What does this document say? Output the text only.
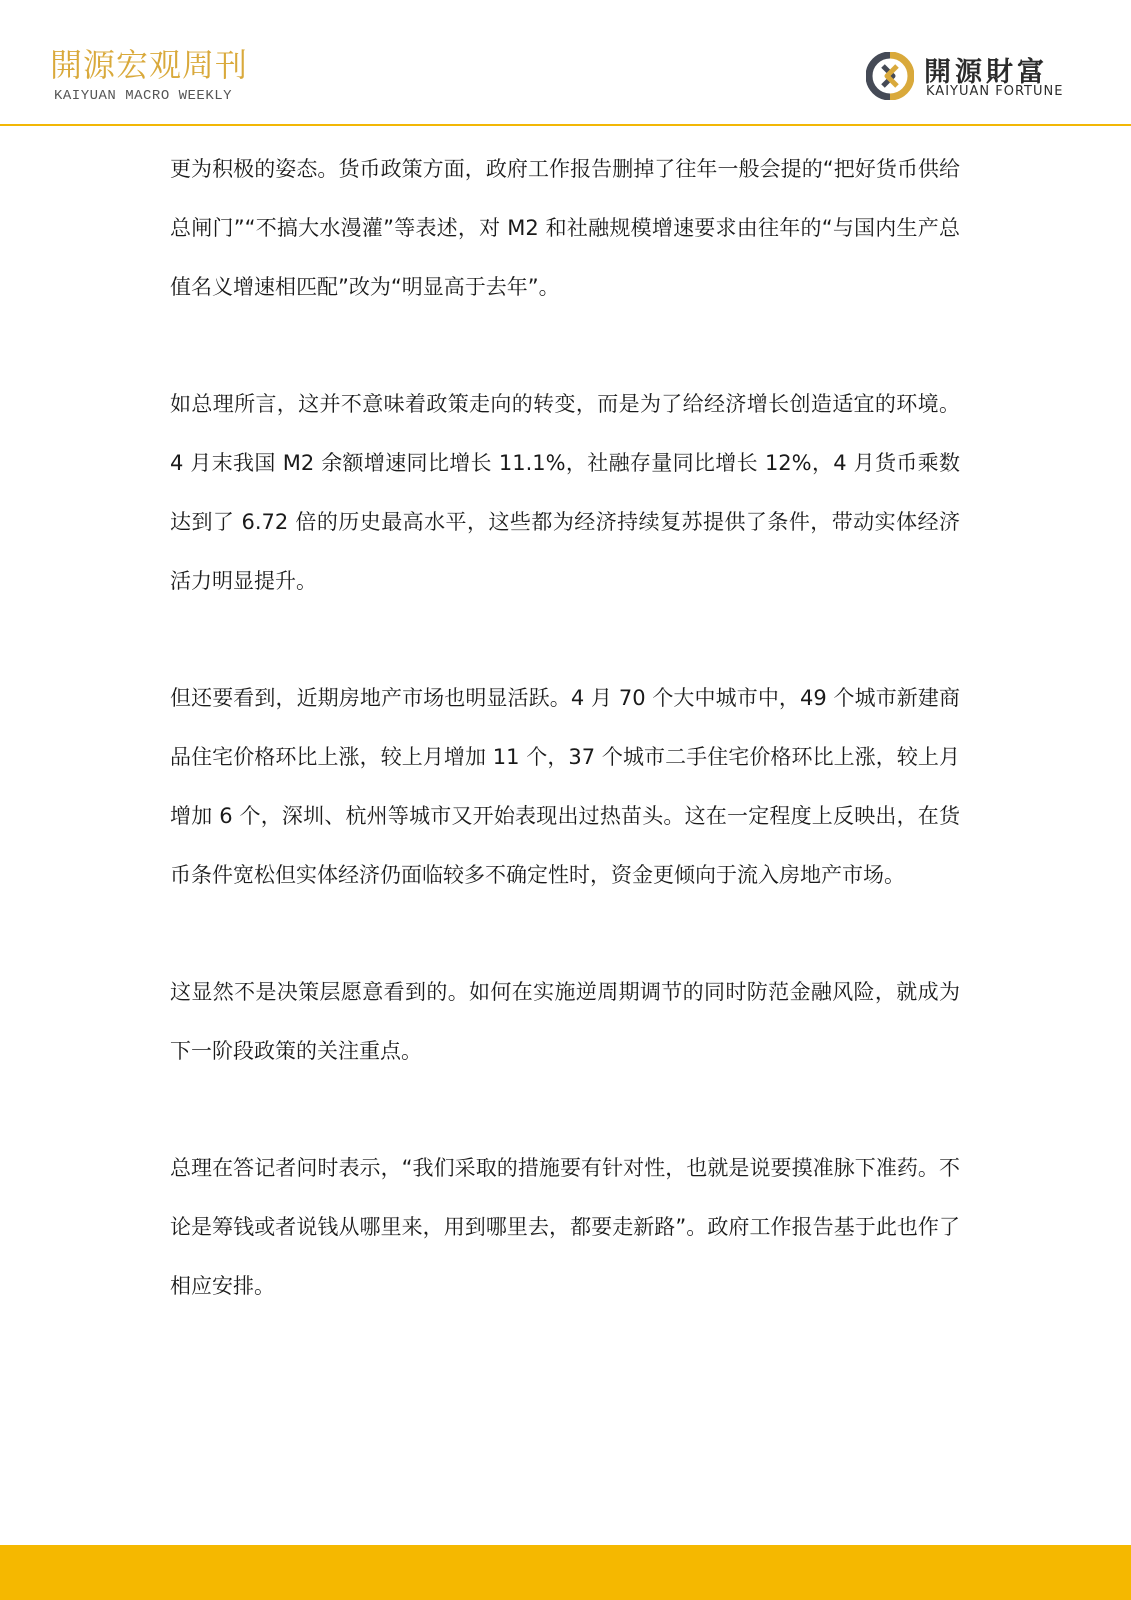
開源宏观周刊
KAIYUAN MACRO WEEKLY
開源財富
KAIYUAN FORTUNE

更为积极的姿态。货币政策方面，政府工作报告删掉了往年一般会提的“把好货币供给总闸门”“不搞大水漫灌”等表述，对 M2 和社融规模增速要求由往年的“与国内生产总值名义增速相匹配”改为“明显高于去年”。

如总理所言，这并不意味着政策走向的转变，而是为了给经济增长创造适宜的环境。4 月末我国 M2 余额增速同比增长 11.1%，社融存量同比增长 12%，4 月货币乘数达到了 6.72 倍的历史最高水平，这些都为经济持续复苏提供了条件，带动实体经济活力明显提升。

但还要看到，近期房地产市场也明显活跃。4 月 70 个大中城市中，49 个城市新建商品住宅价格环比上涨，较上月增加 11 个，37 个城市二手住宅价格环比上涨，较上月增加 6 个，深圳、杭州等城市又开始表现出过热苗头。这在一定程度上反映出，在货币条件宽松但实体经济仍面临较多不确定性时，资金更倾向于流入房地产市场。

这显然不是决策层愿意看到的。如何在实施逆周期调节的同时防范金融风险，就成为下一阶段政策的关注重点。

总理在答记者问时表示，“我们采取的措施要有针对性，也就是说要摸准脉下准药。不论是筹钱或者说钱从哪里来，用到哪里去，都要走新路”。政府工作报告基于此也作了相应安排。
